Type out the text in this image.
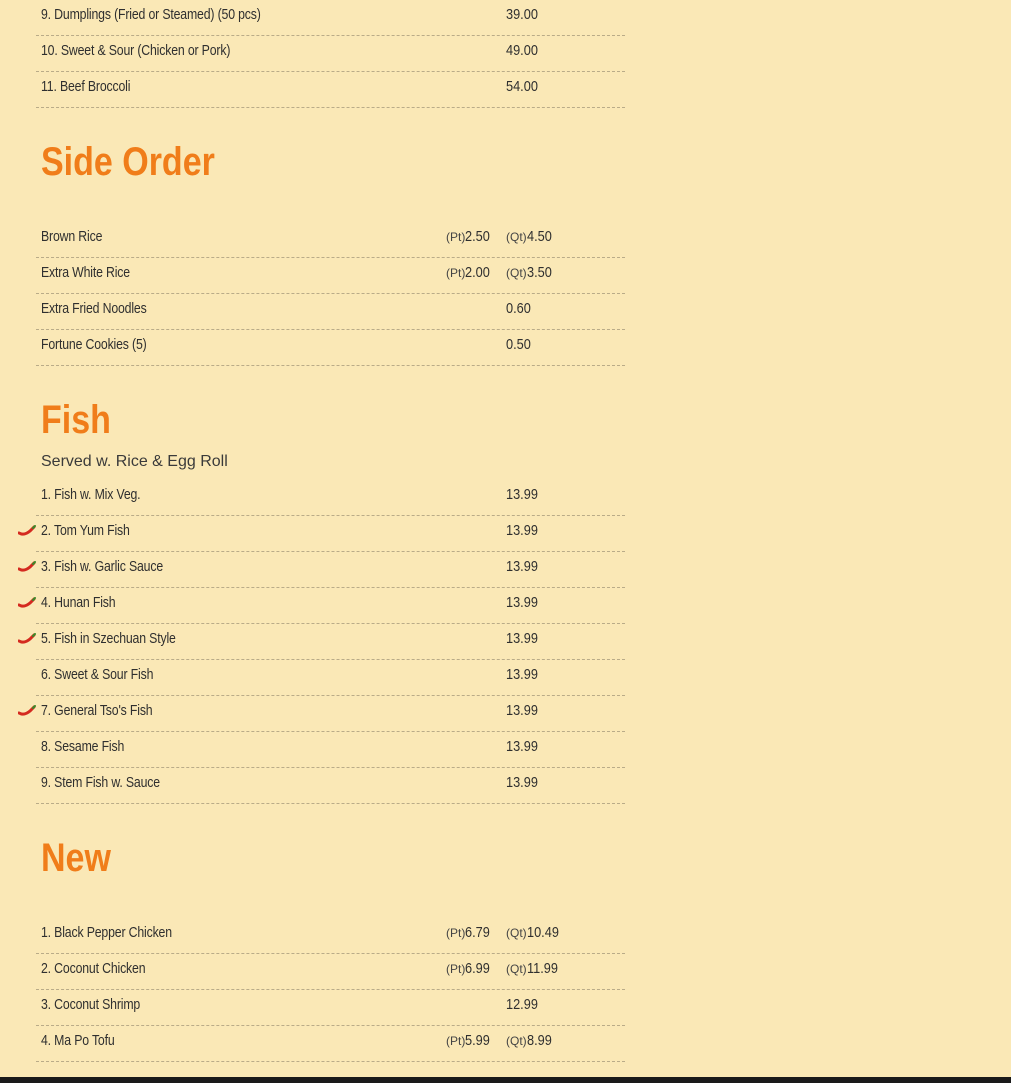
9. Dumplings (Fried or Steamed) (50 pcs)	39.00
10. Sweet & Sour (Chicken or Pork)	49.00
11. Beef Broccoli	54.00
Side Order
Brown Rice	(Pt)2.50	(Qt)4.50
Extra White Rice	(Pt)2.00	(Qt)3.50
Extra Fried Noodles	0.60
Fortune Cookies (5)	0.50
Fish
Served w. Rice & Egg Roll
1. Fish w. Mix Veg.	13.99
2. Tom Yum Fish	13.99
3. Fish w. Garlic Sauce	13.99
4. Hunan Fish	13.99
5. Fish in Szechuan Style	13.99
6. Sweet & Sour Fish	13.99
7. General Tso's Fish	13.99
8. Sesame Fish	13.99
9. Stem Fish w. Sauce	13.99
New
1. Black Pepper Chicken	(Pt)6.79	(Qt)10.49
2. Coconut Chicken	(Pt)6.99	(Qt)11.99
3. Coconut Shrimp	12.99
4. Ma Po Tofu	(Pt)5.99	(Qt)8.99
